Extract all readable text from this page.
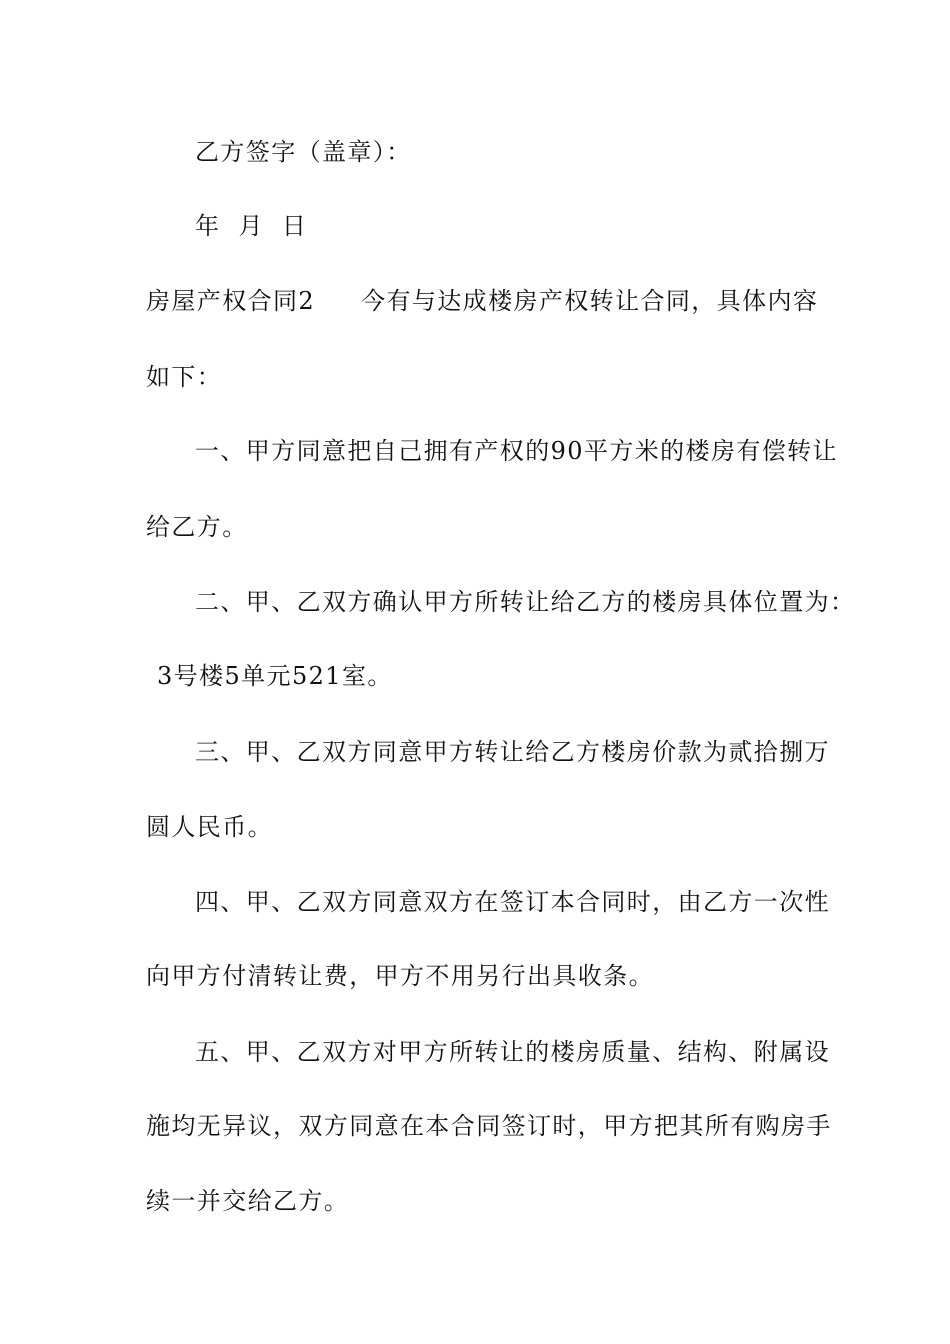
乙方签字（盖章）：
年  月  日
房屋产权合同2 今有与达成楼房产权转让合同，具体内容
如下：
一、甲方同意把自己拥有产权的90平方米的楼房有偿转让
给乙方。
二、甲、乙双方确认甲方所转让给乙方的楼房具体位置为：
3号楼5单元521室。
三、甲、乙双方同意甲方转让给乙方楼房价款为贰拾捌万
圆人民币。
四、甲、乙双方同意双方在签订本合同时，由乙方一次性
向甲方付清转让费，甲方不用另行出具收条。
五、甲、乙双方对甲方所转让的楼房质量、结构、附属设
施均无异议，双方同意在本合同签订时，甲方把其所有购房手
续一并交给乙方。
